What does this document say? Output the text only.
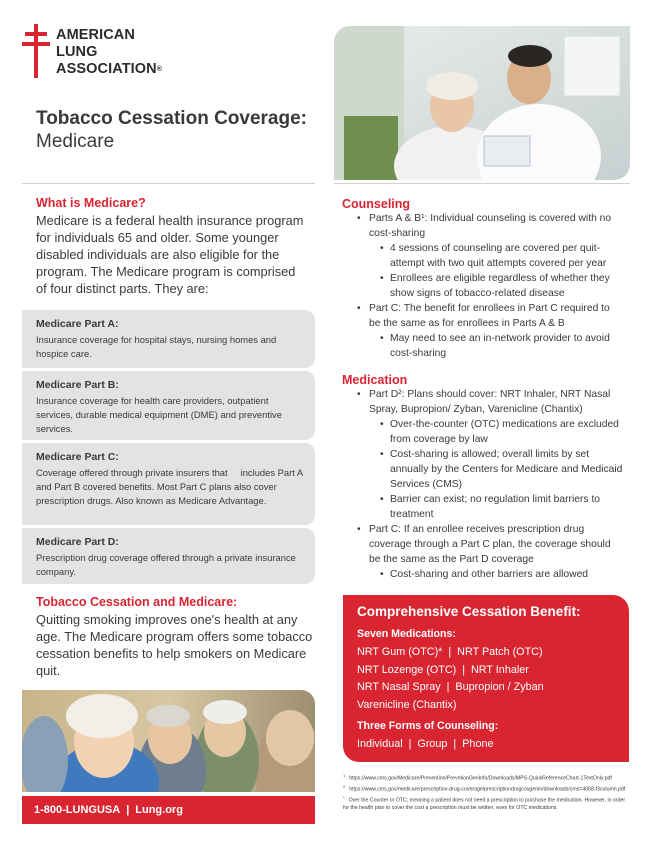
AMERICAN
LUNG
ASSOCIATION®
Tobacco Cessation Coverage:
Medicare
What is Medicare?
Medicare is a federal health insurance program for individuals 65 and older. Some younger disabled individuals are also eligible for the program. The Medicare program is comprised of four distinct parts. They are:
Medicare Part A:
Insurance coverage for hospital stays, nursing homes and hospice care.
Medicare Part B:
Insurance coverage for health care providers, outpatient services, durable medical equipment (DME) and preventive services.
Medicare Part C:
Coverage offered through private insurers that     includes Part A and Part B covered benefits. Most Part C plans also cover prescription drugs. Also known as Medicare Advantage.
Medicare Part D:
Prescription drug coverage offered through a private insurance company.
Tobacco Cessation and Medicare:
Quitting smoking improves one's health at any age. The Medicare program offers some tobacco cessation benefits to help smokers on Medicare quit.
1-800-LUNGUSA | Lung.org
Counseling
• Parts A & B¹: Individual counseling is covered with no cost-sharing
• 4 sessions of counseling are covered per quit-attempt with two quit attempts covered per year
• Enrollees are eligible regardless of whether they show signs of tobacco-related disease
• Part C: The benefit for enrollees in Part C required to be the same as for enrollees in Parts A & B
• May need to see an in-network provider to avoid cost-sharing
Medication
• Part D²: Plans should cover: NRT Inhaler, NRT Nasal Spray, Bupropion/ Zyban, Varenicline (Chantix)
• Over-the-counter (OTC) medications are excluded from coverage by law
• Cost-sharing is allowed; overall limits by set annually by the Centers for Medicare and Medicaid Services (CMS)
• Barrier can exist; no regulation limit barriers to treatment
• Part C: If an enrollee receives prescription drug coverage through a Part C plan, the coverage should be the same as the Part D coverage
• Cost-sharing and other barriers are allowed
Comprehensive Cessation Benefit:
Seven Medications:
NRT Gum (OTC)*  |  NRT Patch (OTC)
NRT Lozenge (OTC)  |  NRT Inhaler
NRT Nasal Spray  |  Bupropion / Zyban
Varenicline (Chantix)
Three Forms of Counseling:
Individual  |  Group  |  Phone
$^1$https://www.cms.gov/Medicare/Prevention/PrevntionGenInfo/Downloads/MPS-QuickReferenceChart-1TextOnly.pdf
$^2$https://www.cms.gov/medicare/prescription-drug-coverage/prescriptiondrugcovgenin/downloads/cms=4068-f3column.pdf
*Over the Counter or OTC; meaning a patient does not need a prescription to purchase the medication. However, in order for the health plan to cover the cost a prescription must be written, even for OTC medications.
